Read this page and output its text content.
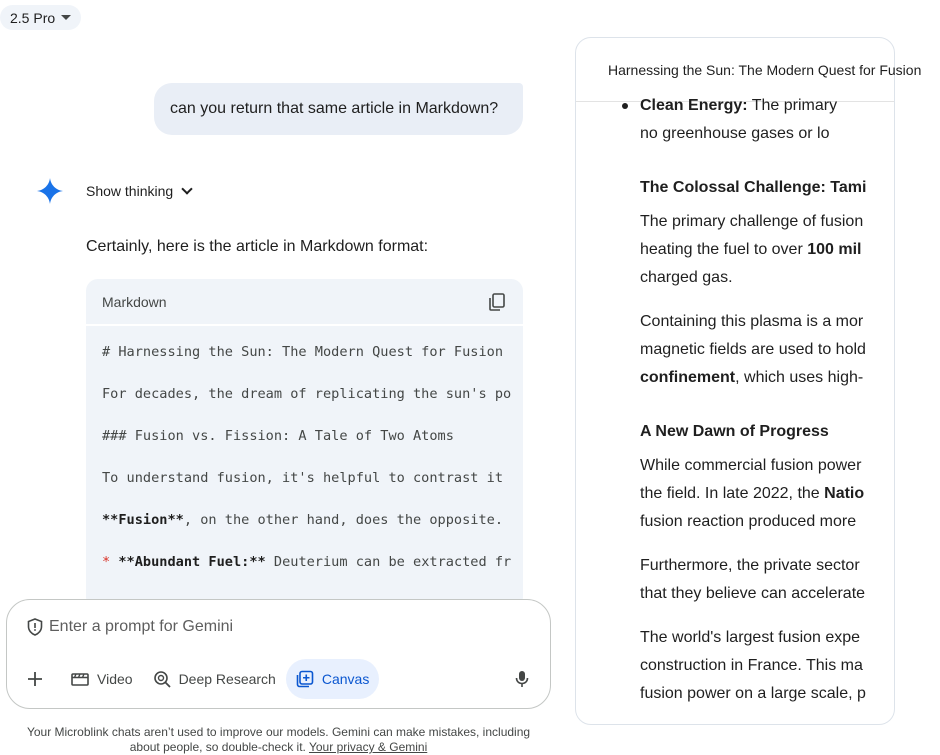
2.5 Pro
can you return that same article in Markdown?
Show thinking
Certainly, here is the article in Markdown format:
Markdown
# Harnessing the Sun: The Modern Quest for Fusion
For decades, the dream of replicating the sun's po
### Fusion vs. Fission: A Tale of Two Atoms
To understand fusion, it's helpful to contrast it
**Fusion**, on the other hand, does the opposite.
* **Abundant Fuel:** Deuterium can be extracted fr
Enter a prompt for Gemini
Video	Deep Research	Canvas
Your Microblink chats aren’t used to improve our models. Gemini can make mistakes, including
about people, so double-check it. Your privacy & Gemini
Harnessing the Sun: The Modern Quest for Fusion
Clean Energy: The primary
no greenhouse gases or lo
The Colossal Challenge: Tami
The primary challenge of fusion
heating the fuel to over 100 mil
charged gas.
Containing this plasma is a mor
magnetic fields are used to hold
confinement, which uses high-
A New Dawn of Progress
While commercial fusion power
the field. In late 2022, the Natio
fusion reaction produced more
Furthermore, the private sector
that they believe can accelerate
The world's largest fusion expe
construction in France. This ma
fusion power on a large scale, p
